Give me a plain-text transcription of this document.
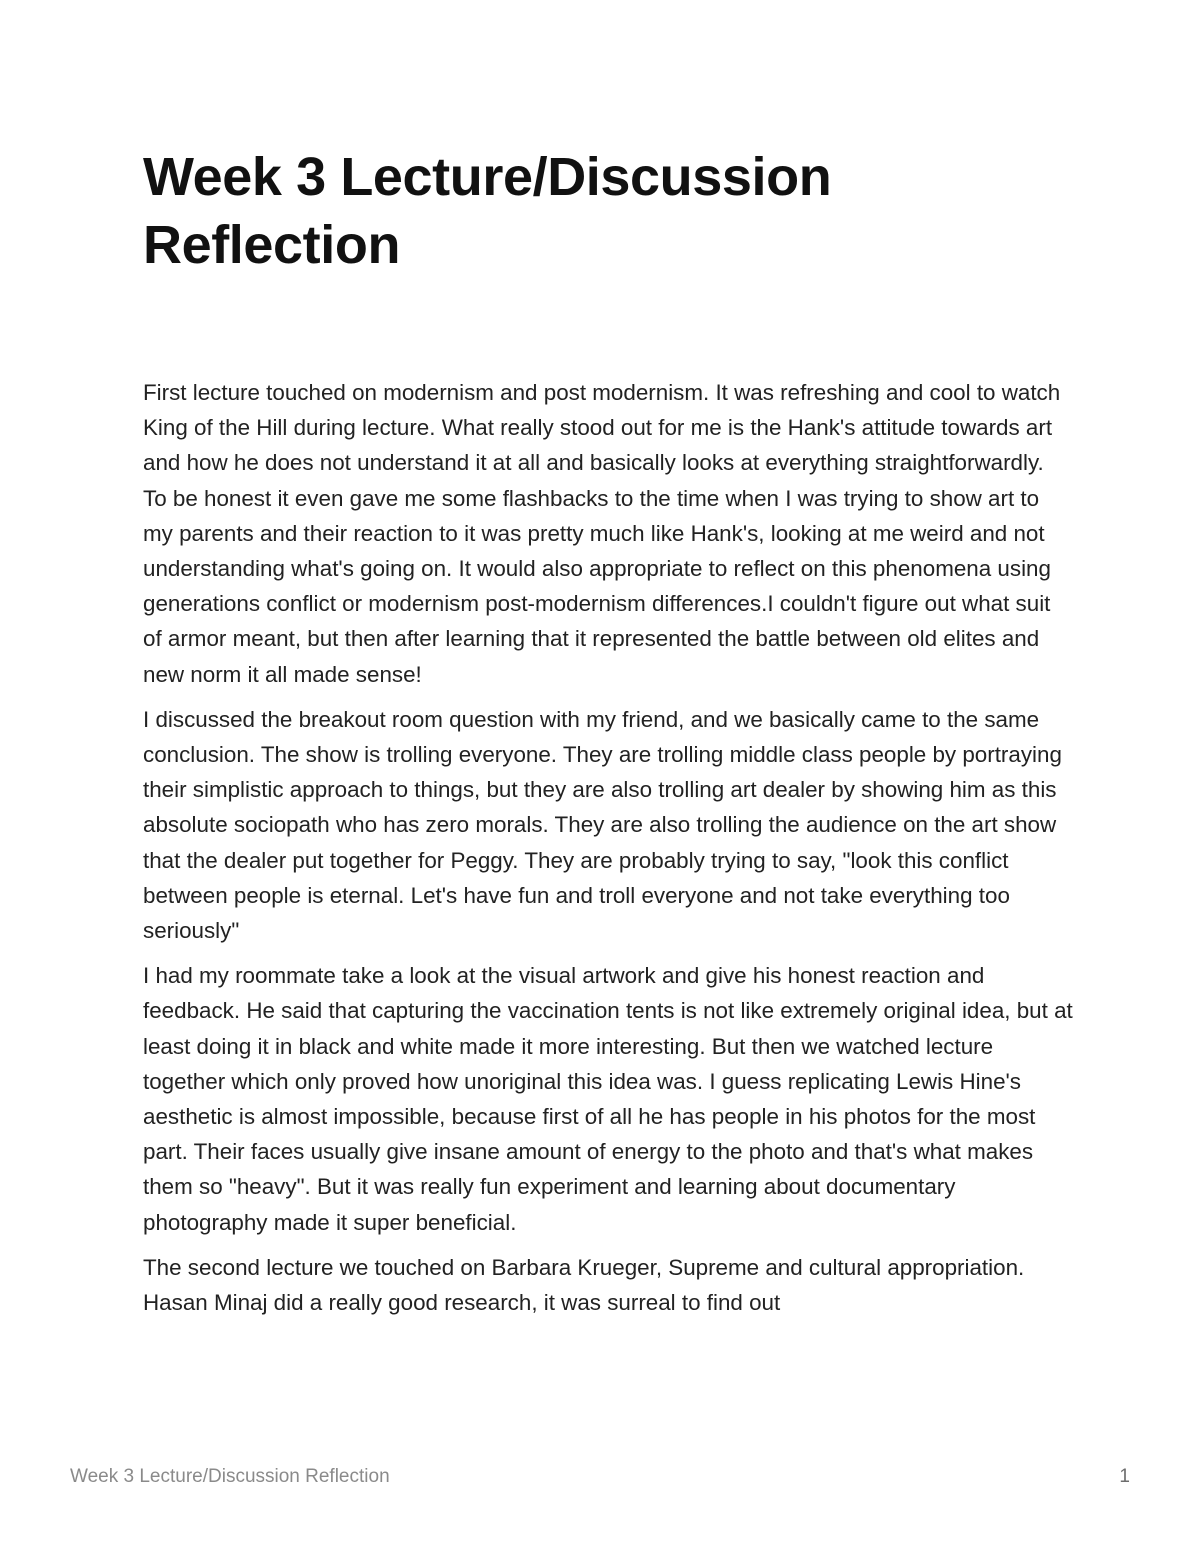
Week 3 Lecture/Discussion Reflection

First lecture touched on modernism and post modernism. It was refreshing and cool to watch King of the Hill during lecture. What really stood out for me is the Hank's attitude towards art and how he does not understand it at all and basically looks at everything straightforwardly. To be honest it even gave me some flashbacks to the time when I was trying to show art to my parents and their reaction to it was pretty much like Hank's, looking at me weird and not understanding what's going on. It would also appropriate to reflect on this phenomena using generations conflict or modernism post-modernism differences.I couldn't figure out what suit of armor meant, but then after learning that it represented the battle between old elites and new norm it all made sense!

I discussed the breakout room question with my friend, and we basically came to the same conclusion. The show is trolling everyone. They are trolling middle class people by portraying their simplistic approach to things, but they are also trolling art dealer by showing him as this absolute sociopath who has zero morals. They are also trolling the audience on the art show that the dealer put together for Peggy. They are probably trying to say, "look this conflict between people is eternal. Let's have fun and troll everyone and not take everything too seriously"

I had my roommate take a look at the visual artwork and give his honest reaction and feedback. He said that capturing the vaccination tents is not like extremely original idea, but at least doing it in black and white made it more interesting. But then we watched lecture together which only proved how unoriginal this idea was. I guess replicating Lewis Hine's aesthetic is almost impossible, because first of all he has people in his photos for the most part. Their faces usually give insane amount of energy to the photo and that's what makes them so "heavy". But it was really fun experiment and learning about documentary photography made it super beneficial.

The second lecture we touched on Barbara Krueger, Supreme and cultural appropriation. Hasan Minaj did a really good research, it was surreal to find out

Week 3 Lecture/Discussion Reflection	1
